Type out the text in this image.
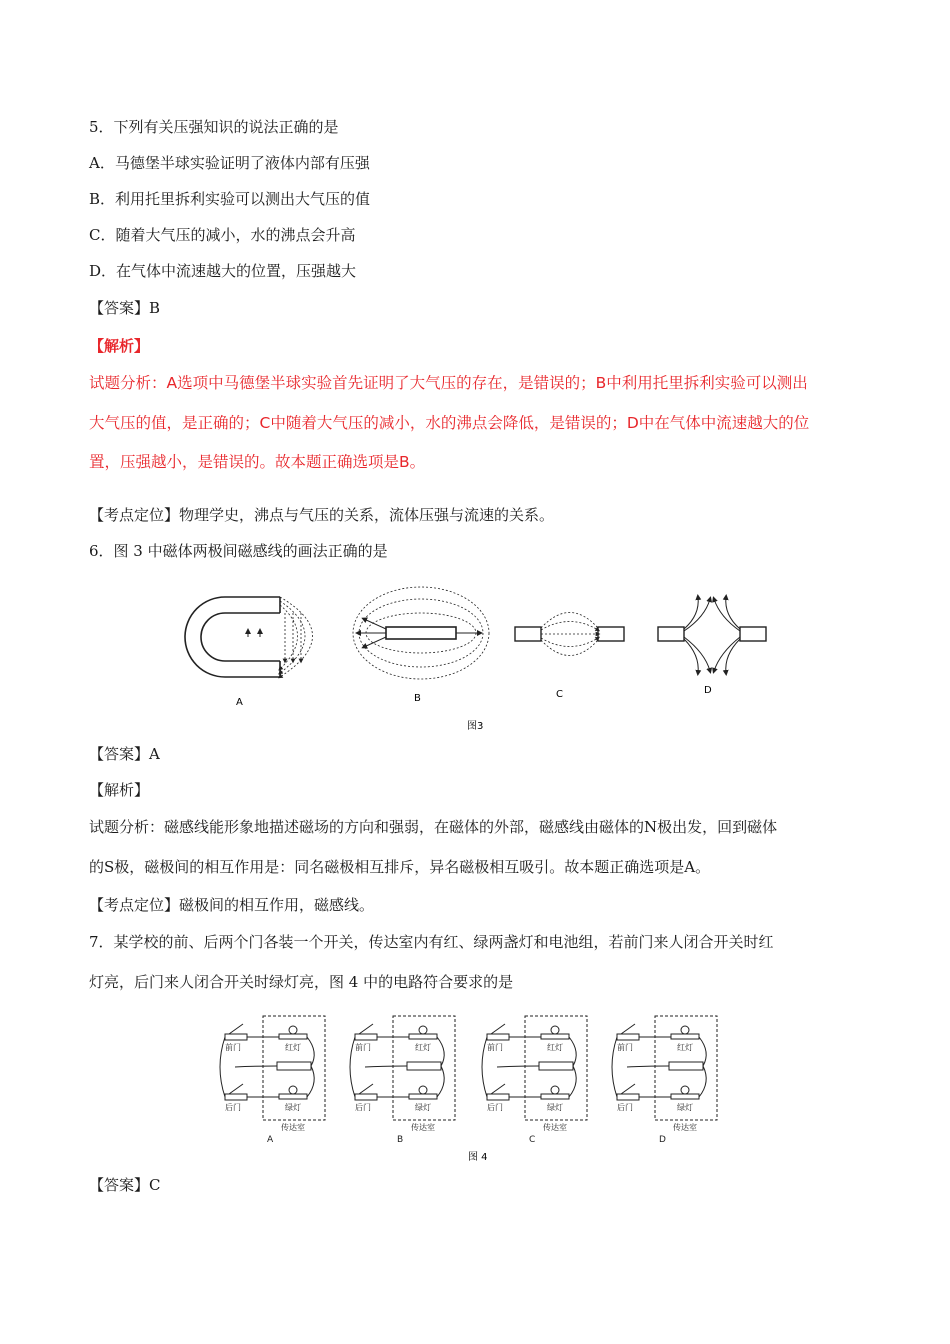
5．下列有关压强知识的说法正确的是
A．马德堡半球实验证明了液体内部有压强
B．利用托里拆利实验可以测出大气压的值
C．随着大气压的减小，水的沸点会升高
D．在气体中流速越大的位置，压强越大
【答案】B
【解析】
试题分析：A选项中马德堡半球实验首先证明了大气压的存在，是错误的；B中利用托里拆利实验可以测出
大气压的值，是正确的；C中随着大气压的减小，水的沸点会降低，是错误的；D中在气体中流速越大的位
置，压强越小，是错误的。故本题正确选项是B。
【考点定位】物理学史，沸点与气压的关系，流体压强与流速的关系。
6．图 3 中磁体两极间磁感线的画法正确的是
A	B	C	D
图3
【答案】A
【解析】
试题分析：磁感线能形象地描述磁场的方向和强弱，在磁体的外部，磁感线由磁体的N极出发，回到磁体
的S极，磁极间的相互作用是：同名磁极相互排斥，异名磁极相互吸引。故本题正确选项是A。
【考点定位】磁极间的相互作用，磁感线。
7．某学校的前、后两个门各装一个开关，传达室内有红、绿两盏灯和电池组，若前门来人闭合开关时红
灯亮，后门来人闭合开关时绿灯亮，图 4 中的电路符合要求的是
前门
后门
红灯
绿灯
传达室
A
前门
后门
红灯
绿灯
传达室
B
前门
后门
红灯
绿灯
传达室
C
前门
后门
红灯
绿灯
传达室
D
图 4
【答案】C
